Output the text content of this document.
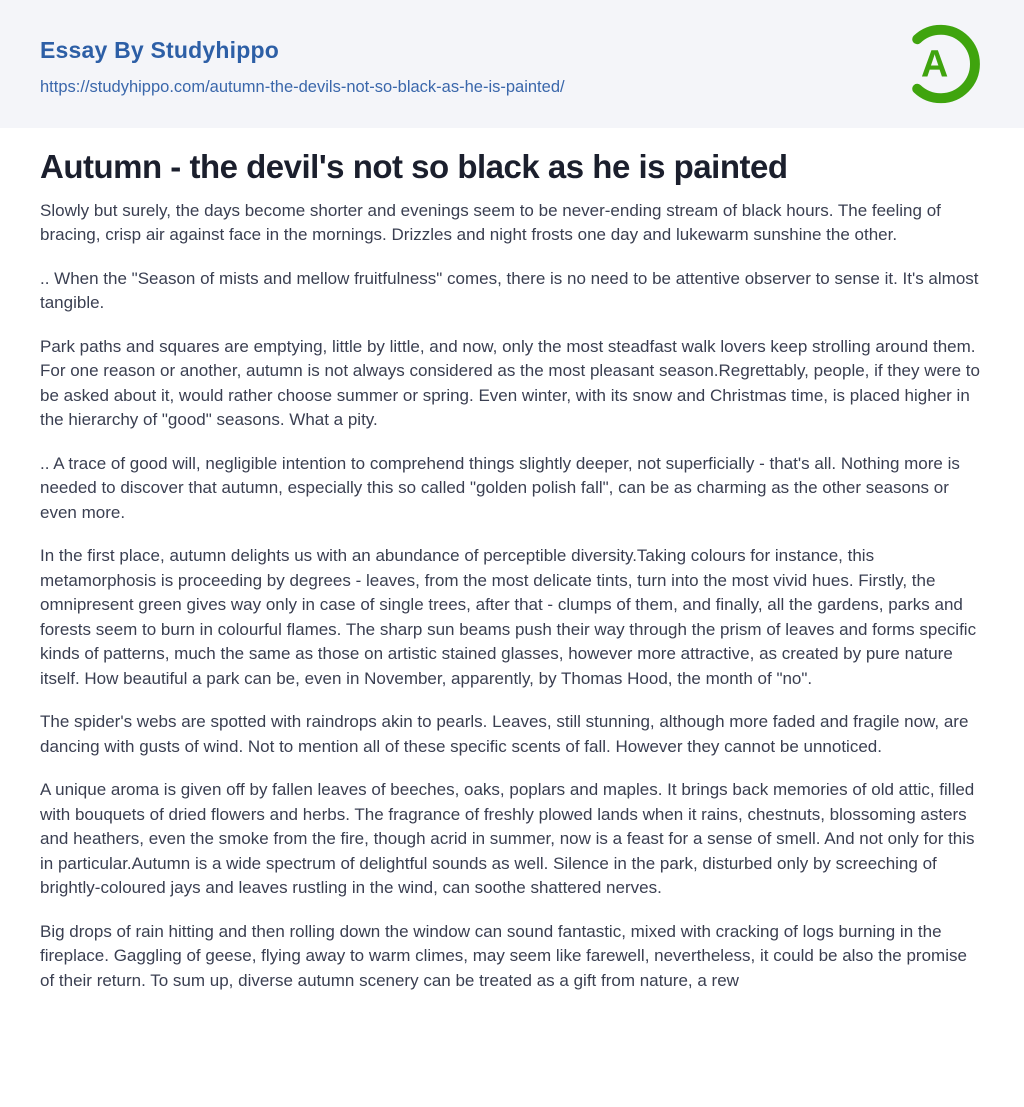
Essay By Studyhippo
https://studyhippo.com/autumn-the-devils-not-so-black-as-he-is-painted/
A
Autumn - the devil's not so black as he is painted

Slowly but surely, the days become shorter and evenings seem to be never-ending stream of black hours. The feeling of bracing, crisp air against face in the mornings. Drizzles and night frosts one day and lukewarm sunshine the other.

.. When the "Season of mists and mellow fruitfulness" comes, there is no need to be attentive observer to sense it. It's almost tangible.

Park paths and squares are emptying, little by little, and now, only the most steadfast walk lovers keep strolling around them. For one reason or another, autumn is not always considered as the most pleasant season.Regrettably, people, if they were to be asked about it, would rather choose summer or spring. Even winter, with its snow and Christmas time, is placed higher in the hierarchy of "good" seasons. What a pity.

.. A trace of good will, negligible intention to comprehend things slightly deeper, not superficially - that's all. Nothing more is needed to discover that autumn, especially this so called "golden polish fall", can be as charming as the other seasons or even more.

In the first place, autumn delights us with an abundance of perceptible diversity.Taking colours for instance, this metamorphosis is proceeding by degrees - leaves, from the most delicate tints, turn into the most vivid hues. Firstly, the omnipresent green gives way only in case of single trees, after that - clumps of them, and finally, all the gardens, parks and forests seem to burn in colourful flames. The sharp sun beams push their way through the prism of leaves and forms specific kinds of patterns, much the same as those on artistic stained glasses, however more attractive, as created by pure nature itself. How beautiful a park can be, even in November, apparently, by Thomas Hood, the month of "no".

The spider's webs are spotted with raindrops akin to pearls. Leaves, still stunning, although more faded and fragile now, are dancing with gusts of wind. Not to mention all of these specific scents of fall. However they cannot be unnoticed.

A unique aroma is given off by fallen leaves of beeches, oaks, poplars and maples. It brings back memories of old attic, filled with bouquets of dried flowers and herbs. The fragrance of freshly plowed lands when it rains, chestnuts, blossoming asters and heathers, even the smoke from the fire, though acrid in summer, now is a feast for a sense of smell. And not only for this in particular.Autumn is a wide spectrum of delightful sounds as well. Silence in the park, disturbed only by screeching of brightly-coloured jays and leaves rustling in the wind, can soothe shattered nerves.

Big drops of rain hitting and then rolling down the window can sound fantastic, mixed with cracking of logs burning in the fireplace. Gaggling of geese, flying away to warm climes, may seem like farewell, nevertheless, it could be also the promise of their return. To sum up, diverse autumn scenery can be treated as a gift from nature, a rew
